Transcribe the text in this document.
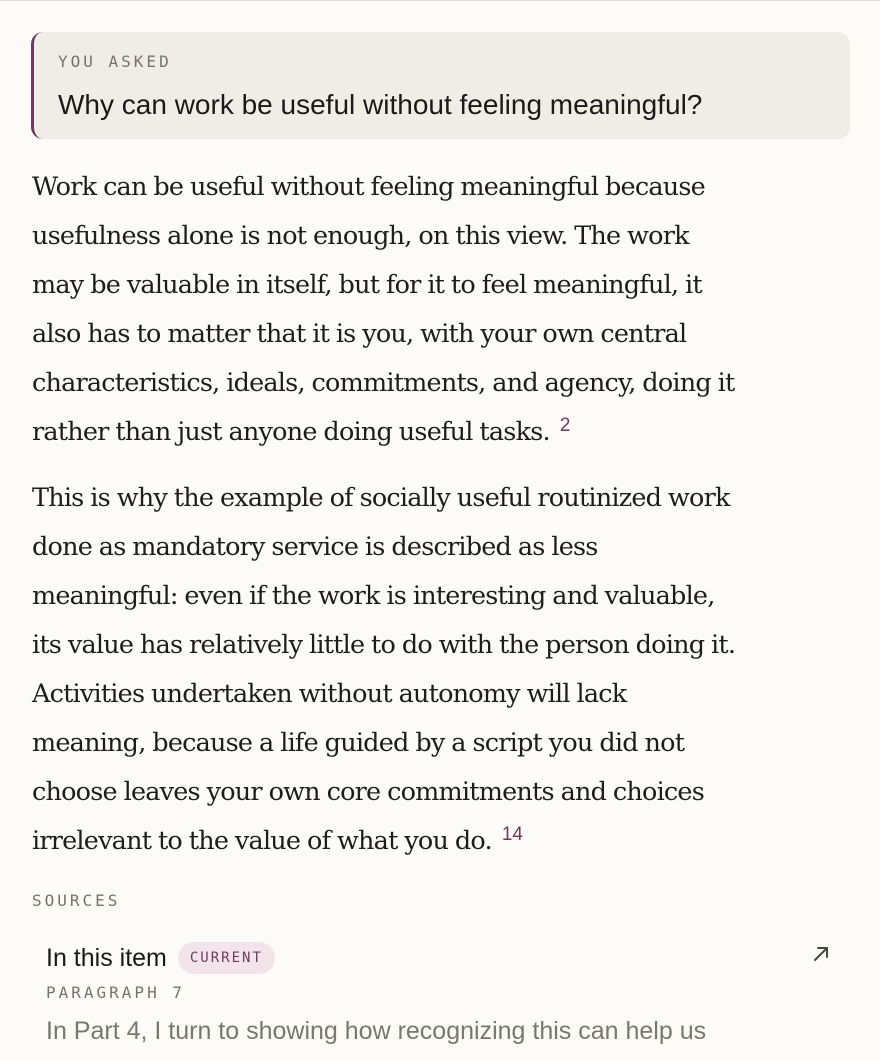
YOU ASKED
Why can work be useful without feeling meaningful?

Work can be useful without feeling meaningful because
usefulness alone is not enough, on this view. The work
may be valuable in itself, but for it to feel meaningful, it
also has to matter that it is you, with your own central
characteristics, ideals, commitments, and agency, doing it
rather than just anyone doing useful tasks. $^2$

This is why the example of socially useful routinized work
done as mandatory service is described as less
meaningful: even if the work is interesting and valuable,
its value has relatively little to do with the person doing it.
Activities undertaken without autonomy will lack
meaning, because a life guided by a script you did not
choose leaves your own core commitments and choices
irrelevant to the value of what you do. $^{14}$

SOURCES
In this item	CURRENT
PARAGRAPH 7
In Part 4, I turn to showing how recognizing this can help us
